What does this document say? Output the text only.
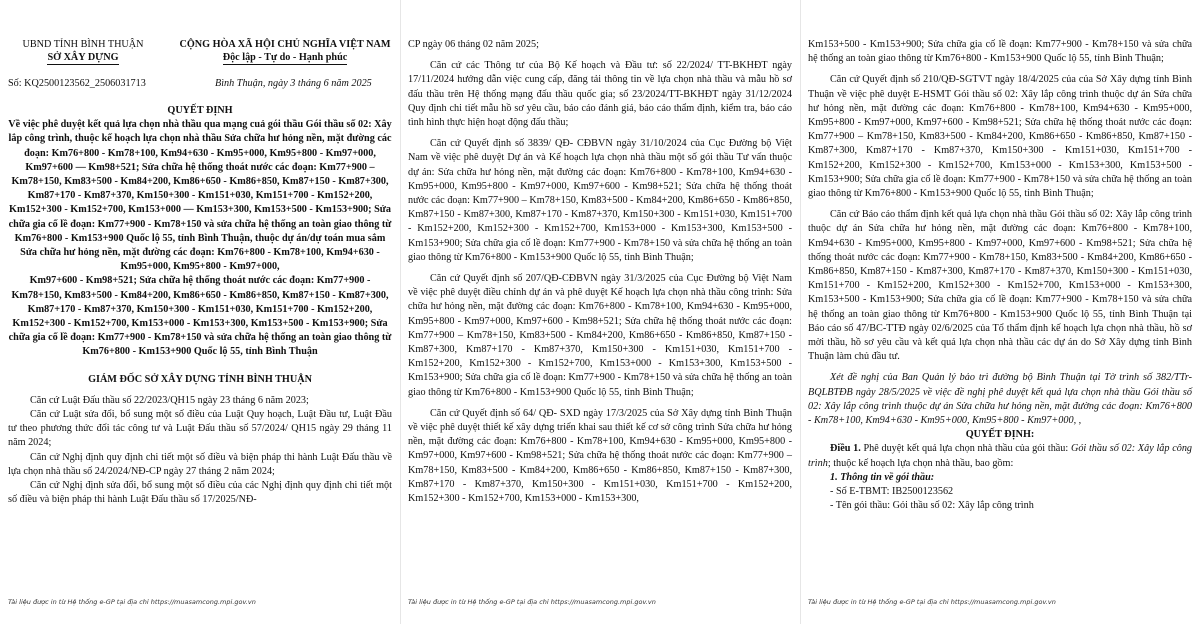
UBND TỈNH BÌNH THUẬN
SỞ XÂY DỰNG
CỘNG HÒA XÃ HỘI CHỦ NGHĨA VIỆT NAM
Độc lập - Tự do - Hạnh phúc
Số: KQ2500123562_2506031713	Bình Thuận, ngày 3 tháng 6 năm 2025

QUYẾT ĐỊNH

Về việc phê duyệt kết quả lựa chọn nhà thầu qua mạng cuả gói thầu Gói thầu số 02: Xây lắp công trình, thuộc kế hoạch lựa chọn nhà thầu Sửa chữa hư hỏng nền, mặt đường các đoạn: Km76+800 - Km78+100, Km94+630 - Km95+000, Km95+800 - Km97+000, Km97+600 — Km98+521; Sửa chữa hệ thống thoát nước các đoạn: Km77+900 – Km78+150, Km83+500 - Km84+200, Km86+650 - Km86+850, Km87+150 - Km87+300, Km87+170 - Km87+370, Km150+300 - Km151+030, Km151+700 - Km152+200, Km152+300 - Km152+700, Km153+000 — Km153+300, Km153+500 - Km153+900; Sửa chữa gia cố lề đoạn: Km77+900 - Km78+150 và sửa chữa hệ thống an toàn giao thông từ Km76+800 - Km153+900 Quốc lộ 55, tỉnh Bình Thuận, thuộc dự án/dự toán mua sắm Sửa chữa hư hỏng nền, mặt đường các đoạn: Km76+800 - Km78+100, Km94+630 - Km95+000, Km95+800 - Km97+000,

Km97+600 - Km98+521; Sửa chữa hệ thống thoát nước các đoạn: Km77+900 - Km78+150, Km83+500 - Km84+200, Km86+650 - Km86+850, Km87+150 - Km87+300, Km87+170 - Km87+370, Km150+300 - Km151+030, Km151+700 - Km152+200, Km152+300 - Km152+700, Km153+000 - Km153+300, Km153+500 - Km153+900; Sửa chữa gia cố lề đoạn: Km77+900 - Km78+150 và sửa chữa hệ thống an toàn giao thông từ Km76+800 - Km153+900 Quốc lộ 55, tỉnh Bình Thuận

GIÁM ĐỐC SỞ XÂY DỰNG TỈNH BÌNH THUẬN

Căn cứ Luật Đấu thầu số 22/2023/QH15 ngày 23 tháng 6 năm 2023;

Căn cứ Luật sửa đổi, bổ sung một số điều của Luật Quy hoạch, Luật Đầu tư, Luật Đầu tư theo phương thức đối tác công tư và Luật Đấu thầu số 57/2024/ QH15 ngày 29 tháng 11 năm 2024;

Căn cứ Nghị định quy định chi tiết một số điều và biện pháp thi hành Luật Đấu thầu về lựa chọn nhà thầu số 24/2024/NĐ-CP ngày 27 tháng 2 năm 2024;

Căn cứ Nghị định sửa đổi, bổ sung một số điều của các Nghị định quy định chi tiết một số điều và biện pháp thi hành Luật Đấu thầu số 17/2025/NĐ-

Tài liệu được in từ Hệ thống e-GP tại địa chỉ https://muasamcong.mpi.gov.vn

CP ngày 06 tháng 02 năm 2025;

Căn cứ các Thông tư của Bộ Kế hoạch và Đầu tư: số 22/2024/ TT-BKHĐT ngày 17/11/2024 hướng dẫn việc cung cấp, đăng tải thông tin về lựa chọn nhà thầu và mẫu hồ sơ đấu thầu trên Hệ thống mạng đấu thầu quốc gia; số 23/2024/TT-BKHĐT ngày 31/12/2024 Quy định chi tiết mẫu hồ sơ yêu cầu, báo cáo đánh giá, báo cáo thẩm định, kiểm tra, báo cáo tình hình thực hiện hoạt động đấu thầu;

Căn cứ Quyết định số 3839/ QĐ- CĐBVN ngày 31/10/2024 của Cục Đường bộ Việt Nam về việc phê duyệt Dự án và Kế hoạch lựa chọn nhà thầu một số gói thầu Tư vấn thuộc dự án: Sửa chữa hư hỏng nền, mặt đường các đoạn: Km76+800 - Km78+100, Km94+630 - Km95+000, Km95+800 - Km97+000, Km97+600 - Km98+521; Sửa chữa hệ thống thoát nước các đoạn: Km77+900 – Km78+150, Km83+500 - Km84+200, Km86+650 - Km86+850, Km87+150 - Km87+300, Km87+170 - Km87+370, Km150+300 - Km151+030, Km151+700 - Km152+200, Km152+300 - Km152+700, Km153+000 - Km153+300, Km153+500 - Km153+900; Sửa chữa gia cố lề đoạn: Km77+900 - Km78+150 và sửa chữa hệ thống an toàn giao thông từ Km76+800 - Km153+900 Quốc lộ 55, tỉnh Bình Thuận;

Căn cứ Quyết định số 207/QĐ-CĐBVN ngày 31/3/2025 của Cục Đường bộ Việt Nam về việc phê duyệt điều chỉnh dự án và phê duyệt Kế hoạch lựa chọn nhà thầu công trình: Sửa chữa hư hỏng nền, mặt đường các đoạn: Km76+800 - Km78+100, Km94+630 - Km95+000, Km95+800 - Km97+000, Km97+600 - Km98+521; Sửa chữa hệ thống thoát nước các đoạn: Km77+900 – Km78+150, Km83+500 - Km84+200, Km86+650 - Km86+850, Km87+150 - Km87+300, Km87+170 - Km87+370, Km150+300 - Km151+030, Km151+700 - Km152+200, Km152+300 - Km152+700, Km153+000 - Km153+300, Km153+500 - Km153+900; Sửa chữa gia cố lề đoạn: Km77+900 - Km78+150 và sửa chữa hệ thống an toàn giao thông từ Km76+800 - Km153+900 Quốc lộ 55, tỉnh Bình Thuận;

Căn cứ Quyết định số 64/ QĐ- SXD ngày 17/3/2025 của Sở Xây dựng tỉnh Bình Thuận về việc phê duyệt thiết kế xây dựng triển khai sau thiết kế cơ sở công trình Sửa chữa hư hỏng nền, mặt đường các đoạn: Km76+800 - Km78+100, Km94+630 - Km95+000, Km95+800 - Km97+000, Km97+600 - Km98+521; Sửa chữa hệ thống thoát nước các đoạn: Km77+900 – Km78+150, Km83+500 - Km84+200, Km86+650 - Km86+850, Km87+150 - Km87+300, Km87+170 - Km87+370, Km150+300 - Km151+030, Km151+700 - Km152+200, Km152+300 - Km152+700, Km153+000 - Km153+300,

Tài liệu được in từ Hệ thống e-GP tại địa chỉ https://muasamcong.mpi.gov.vn

Km153+500 - Km153+900; Sửa chữa gia cố lề đoạn: Km77+900 - Km78+150 và sửa chữa hệ thống an toàn giao thông từ Km76+800 - Km153+900 Quốc lộ 55, tỉnh Bình Thuận;

Căn cứ Quyết định số 210/QĐ-SGTVT ngày 18/4/2025 của của Sở Xây dựng tỉnh Bình Thuận về việc phê duyệt E-HSMT Gói thầu số 02: Xây lắp công trình thuộc dự án Sửa chữa hư hỏng nền, mặt đường các đoạn: Km76+800 - Km78+100, Km94+630 - Km95+000, Km95+800 - Km97+000, Km97+600 - Km98+521; Sửa chữa hệ thống thoát nước các đoạn: Km77+900 – Km78+150, Km83+500 - Km84+200, Km86+650 - Km86+850, Km87+150 - Km87+300, Km87+170 - Km87+370, Km150+300 - Km151+030, Km151+700 - Km152+200, Km152+300 - Km152+700, Km153+000 - Km153+300, Km153+500 - Km153+900; Sửa chữa gia cố lề đoạn: Km77+900 - Km78+150 và sửa chữa hệ thống an toàn giao thông từ Km76+800 - Km153+900 Quốc lộ 55, tỉnh Bình Thuận;

Căn cứ Báo cáo thẩm định kết quả lựa chọn nhà thầu Gói thầu số 02: Xây lắp công trình thuộc dự án Sửa chữa hư hỏng nền, mặt đường các đoạn: Km76+800 - Km78+100, Km94+630 - Km95+000, Km95+800 - Km97+000, Km97+600 - Km98+521; Sửa chữa hệ thống thoát nước các đoạn: Km77+900 - Km78+150, Km83+500 - Km84+200, Km86+650 - Km86+850, Km87+150 - Km87+300, Km87+170 - Km87+370, Km150+300 - Km151+030, Km151+700 - Km152+200, Km152+300 - Km152+700, Km153+000 - Km153+300, Km153+500 - Km153+900; Sửa chữa gia cố lề đoạn: Km77+900 - Km78+150 và sửa chữa hệ thống an toàn giao thông từ Km76+800 - Km153+900 Quốc lộ 55, tỉnh Bình Thuận tại Báo cáo số 47/BC-TTĐ ngày 02/6/2025 của Tổ thẩm định kế hoạch lựa chọn nhà thầu, hồ sơ mời thầu, hồ sơ yêu cầu và kết quả lựa chọn nhà thầu các dự án do Sở Xây dựng tỉnh Bình Thuận làm chủ đầu tư.

Xét đề nghị của Ban Quản lý bảo trì đường bộ Bình Thuận tại Tờ trình số 382/TTr- BQLBTĐB ngày 28/5/2025 về việc đề nghị phê duyệt kết quả lựa chọn nhà thầu Gói thầu số 02: Xây lắp công trình thuộc dự án Sửa chữa hư hỏng nền, mặt đường các đoạn: Km76+800 - Km78+100, Km94+630 - Km95+000, Km95+800 - Km97+000, ,

QUYẾT ĐỊNH:

Điều 1. Phê duyệt kết quả lựa chọn nhà thầu của gói thầu: Gói thầu số 02: Xây lắp công trình; thuộc kế hoạch lựa chọn nhà thầu, bao gồm:

1. Thông tin về gói thầu:

- Số E-TBMT: IB2500123562

- Tên gói thầu: Gói thầu số 02: Xây lắp công trình

Tài liệu được in từ Hệ thống e-GP tại địa chỉ https://muasamcong.mpi.gov.vn
